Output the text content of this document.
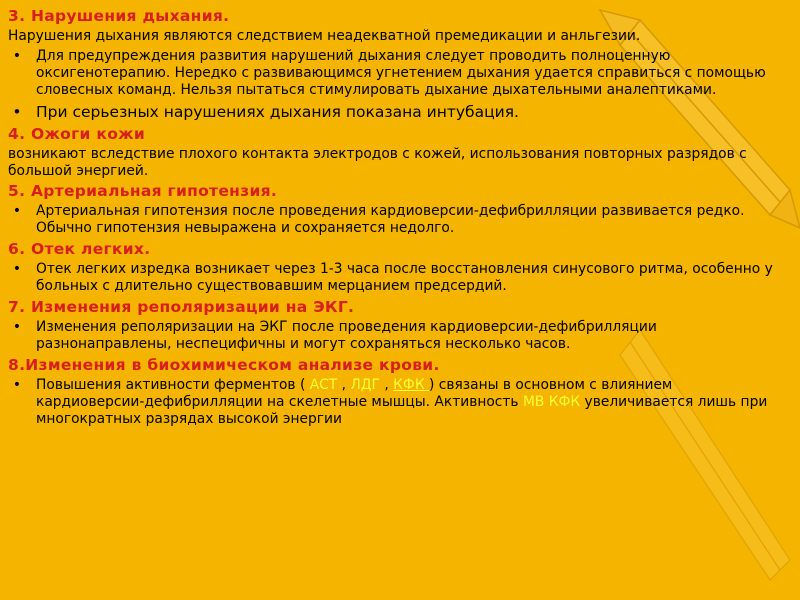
3. Нарушения дыхания.
Нарушения дыхания являются следствием неадекватной премедикации и анльгезии.
• Для предупреждения развития нарушений дыхания следует проводить полноценную оксигенотерапию. Нередко с развивающимся угнетением дыхания удается справиться с помощью словесных команд. Нельзя пытаться стимулировать дыхание дыхательными аналептиками.
• При серьезных нарушениях дыхания показана интубация.
4. Ожоги кожи
возникают вследствие плохого контакта электродов с кожей, использования повторных разрядов с большой энергией.
5. Артериальная гипотензия.
• Артериальная гипотензия после проведения кардиоверсии-дефибрилляции развивается редко. Обычно гипотензия невыражена и сохраняется недолго.
6. Отек легких.
• Отек легких изредка возникает через 1-3 часа после восстановления синусового ритма, особенно у больных с длительно существовавшим мерцанием предсердий.
7. Изменения реполяризации на ЭКГ.
• Изменения реполяризации на ЭКГ после проведения кардиоверсии-дефибрилляции разнонаправлены, неспецифичны и могут сохраняться несколько часов.
8.Изменения в биохимическом анализе крови.
• Повышения активности ферментов ( АСТ , ЛДГ , КФК ) связаны в основном с влиянием кардиоверсии-дефибрилляции на скелетные мышцы. Активность МВ КФК увеличивается лишь при многократных разрядах высокой энергии
